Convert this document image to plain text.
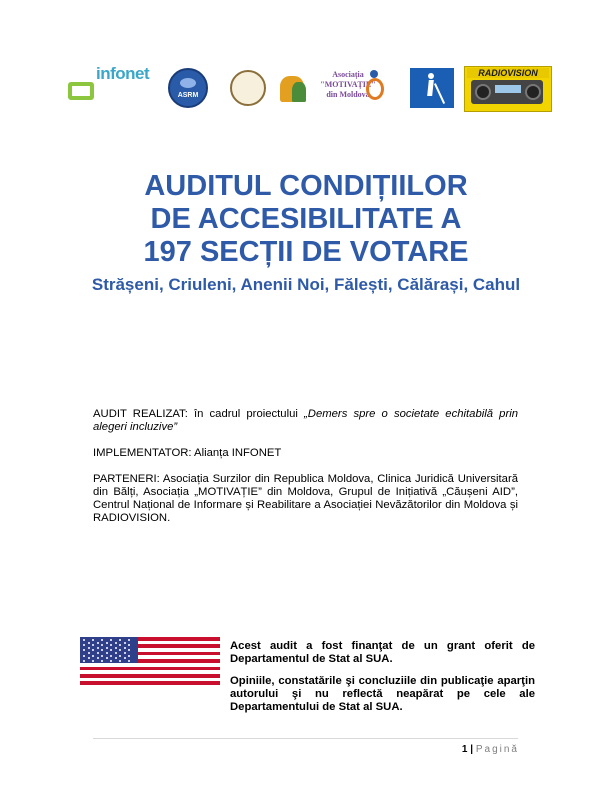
infonet
ASRM
Asociația
"MOTIVAȚIE"
din Moldova
RADIOVISION
AUDITUL CONDIȚIILOR
DE ACCESIBILITATE A
197 SECȚII DE VOTARE
Strășeni, Criuleni, Anenii Noi, Fălești, Călărași, Cahul

AUDIT REALIZAT: în cadrul proiectului „Demers spre o societate echitabilă prin alegeri incluzive”

IMPLEMENTATOR: Alianța INFONET

PARTENERI: Asociația Surzilor din Republica Moldova, Clinica Juridică Universitară din Bălți, Asociația „MOTIVAȚIE” din Moldova, Grupul de Inițiativă „Căușeni AID”, Centrul Național de Informare și Reabilitare a Asociației Nevăzătorilor din Moldova și RADIOVISION.

Acest audit a fost finanţat de un grant oferit de Departamentul de Stat al SUA.
Opiniile, constatările şi concluziile din publicaţie aparţin autorului şi nu reflectă neapărat pe cele ale Departamentului de Stat al SUA.
1 | Pagină
